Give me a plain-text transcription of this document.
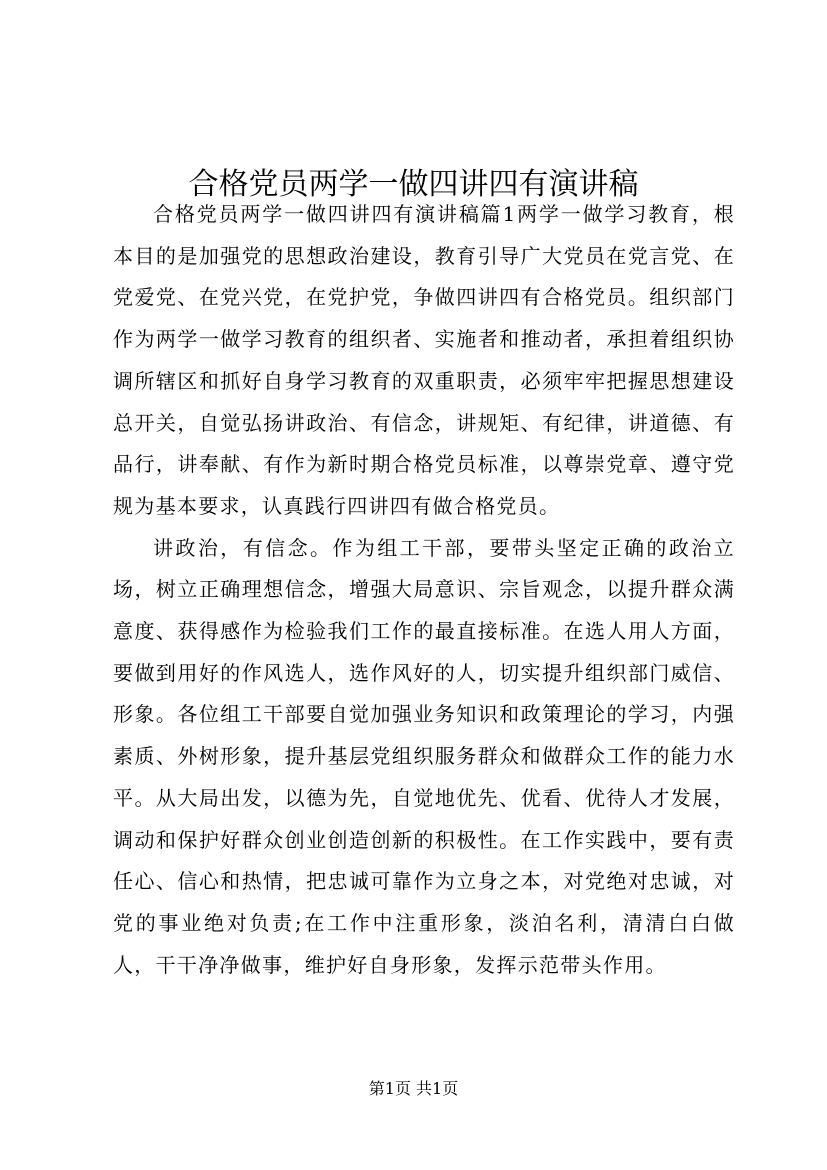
合格党员两学一做四讲四有演讲稿

合格党员两学一做四讲四有演讲稿篇1两学一做学习教育，根本目的是加强党的思想政治建设，教育引导广大党员在党言党、在党爱党、在党兴党，在党护党，争做四讲四有合格党员。组织部门作为两学一做学习教育的组织者、实施者和推动者，承担着组织协调所辖区和抓好自身学习教育的双重职责，必须牢牢把握思想建设总开关，自觉弘扬讲政治、有信念，讲规矩、有纪律，讲道德、有品行，讲奉献、有作为新时期合格党员标准，以尊崇党章、遵守党规为基本要求，认真践行四讲四有做合格党员。

讲政治，有信念。作为组工干部，要带头坚定正确的政治立场，树立正确理想信念，增强大局意识、宗旨观念，以提升群众满意度、获得感作为检验我们工作的最直接标准。在选人用人方面，要做到用好的作风选人，选作风好的人，切实提升组织部门威信、形象。各位组工干部要自觉加强业务知识和政策理论的学习，内强素质、外树形象，提升基层党组织服务群众和做群众工作的能力水平。从大局出发，以德为先，自觉地优先、优看、优待人才发展，调动和保护好群众创业创造创新的积极性。在工作实践中，要有责任心、信心和热情，把忠诚可靠作为立身之本，对党绝对忠诚，对党的事业绝对负责;在工作中注重形象，淡泊名利，清清白白做人，干干净净做事，维护好自身形象，发挥示范带头作用。

第1页 共1页
